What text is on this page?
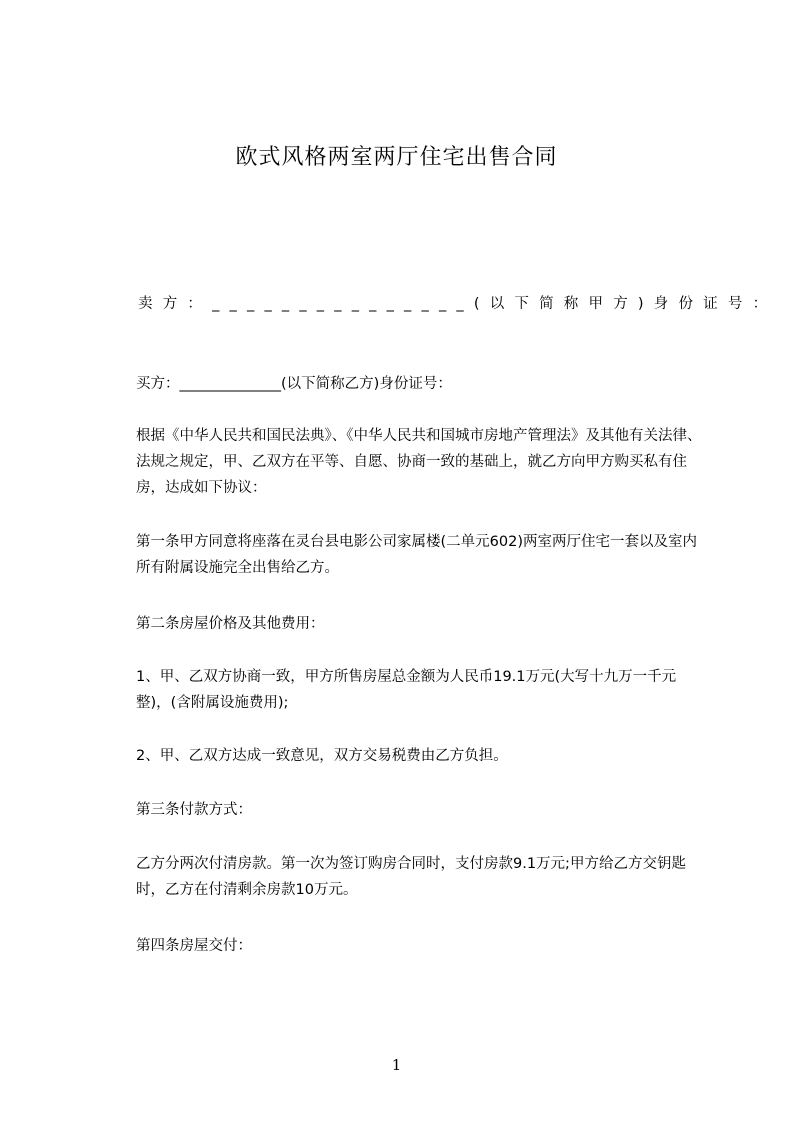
欧式风格两室两厅住宅出售合同
卖方：_______________(以下简称甲方)身份证号：
买方：______________(以下简称乙方)身份证号：
根据《中华人民共和国民法典》、《中华人民共和国城市房地产管理法》及其他有关法律、法规之规定，甲、乙双方在平等、自愿、协商一致的基础上，就乙方向甲方购买私有住房，达成如下协议：
第一条甲方同意将座落在灵台县电影公司家属楼(二单元602)两室两厅住宅一套以及室内所有附属设施完全出售给乙方。
第二条房屋价格及其他费用：
1、甲、乙双方协商一致，甲方所售房屋总金额为人民币19.1万元(大写十九万一千元整)，(含附属设施费用);
2、甲、乙双方达成一致意见，双方交易税费由乙方负担。
第三条付款方式：
乙方分两次付清房款。第一次为签订购房合同时，支付房款9.1万元;甲方给乙方交钥匙时，乙方在付清剩余房款10万元。
第四条房屋交付：
1
